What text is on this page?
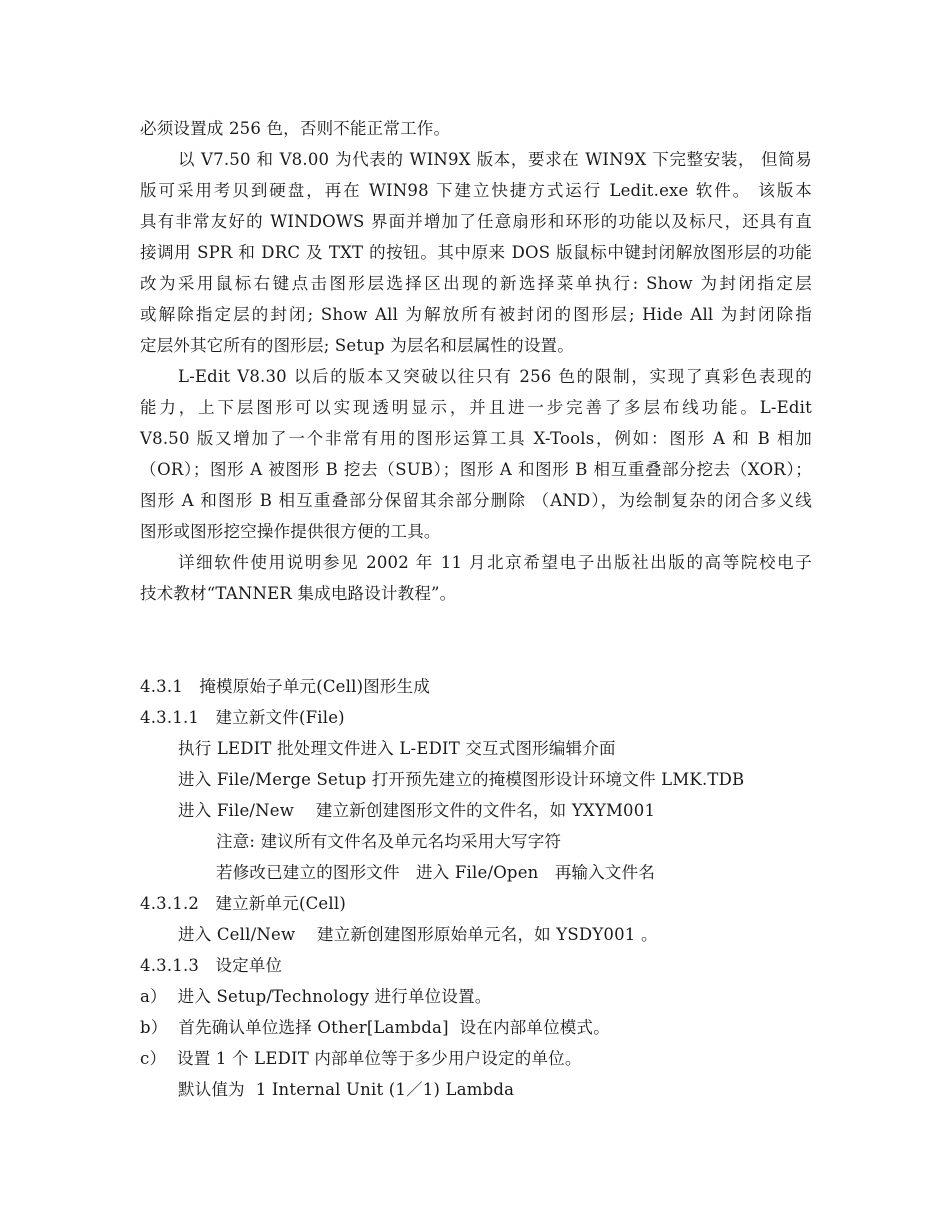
必须设置成 256 色，否则不能正常工作。
以 V7.50 和 V8.00 为代表的 WIN9X 版本，要求在 WIN9X 下完整安装， 但简易
版可采用考贝到硬盘，再在 WIN98 下建立快捷方式运行 Ledit.exe 软件。 该版本
具有非常友好的 WINDOWS 界面并增加了任意扇形和环形的功能以及标尺，还具有直
接调用 SPR 和 DRC 及 TXT 的按钮。其中原来 DOS 版鼠标中键封闭解放图形层的功能
改为采用鼠标右键点击图形层选择区出现的新选择菜单执行: Show 为封闭指定层
或解除指定层的封闭; Show All 为解放所有被封闭的图形层; Hide All 为封闭除指
定层外其它所有的图形层; Setup 为层名和层属性的设置。
L-Edit V8.30 以后的版本又突破以往只有 256 色的限制，实现了真彩色表现的
能力，上下层图形可以实现透明显示，并且进一步完善了多层布线功能。L-Edit
V8.50 版又增加了一个非常有用的图形运算工具 X-Tools，例如：图形 A 和 B 相加
（OR）；图形 A 被图形 B 挖去（SUB）；图形 A 和图形 B 相互重叠部分挖去（XOR）；
图形 A 和图形 B 相互重叠部分保留其余部分删除 （AND），为绘制复杂的闭合多义线
图形或图形挖空操作提供很方便的工具。
详细软件使用说明参见 2002 年 11 月北京希望电子出版社出版的高等院校电子
技术教材“TANNER 集成电路设计教程”。
4.3.1   掩模原始子单元(Cell)图形生成
4.3.1.1   建立新文件(File)
执行 LEDIT 批处理文件进入 L-EDIT 交互式图形编辑介面
进入 File/Merge Setup 打开预先建立的掩模图形设计环境文件 LMK.TDB
进入 File/New    建立新创建图形文件的文件名，如 YXYM001
注意: 建议所有文件名及单元名均采用大写字符
若修改已建立的图形文件   进入 File/Open   再输入文件名
4.3.1.2   建立新单元(Cell)
进入 Cell/New    建立新创建图形原始单元名，如 YSDY001 。
4.3.1.3   设定单位
a）  进入 Setup/Technology 进行单位设置。
b）  首先确认单位选择 Other[Lambda]  设在内部单位模式。
c）  设置 1 个 LEDIT 内部单位等于多少用户设定的单位。
默认值为  1 Internal Unit (1／1) Lambda
